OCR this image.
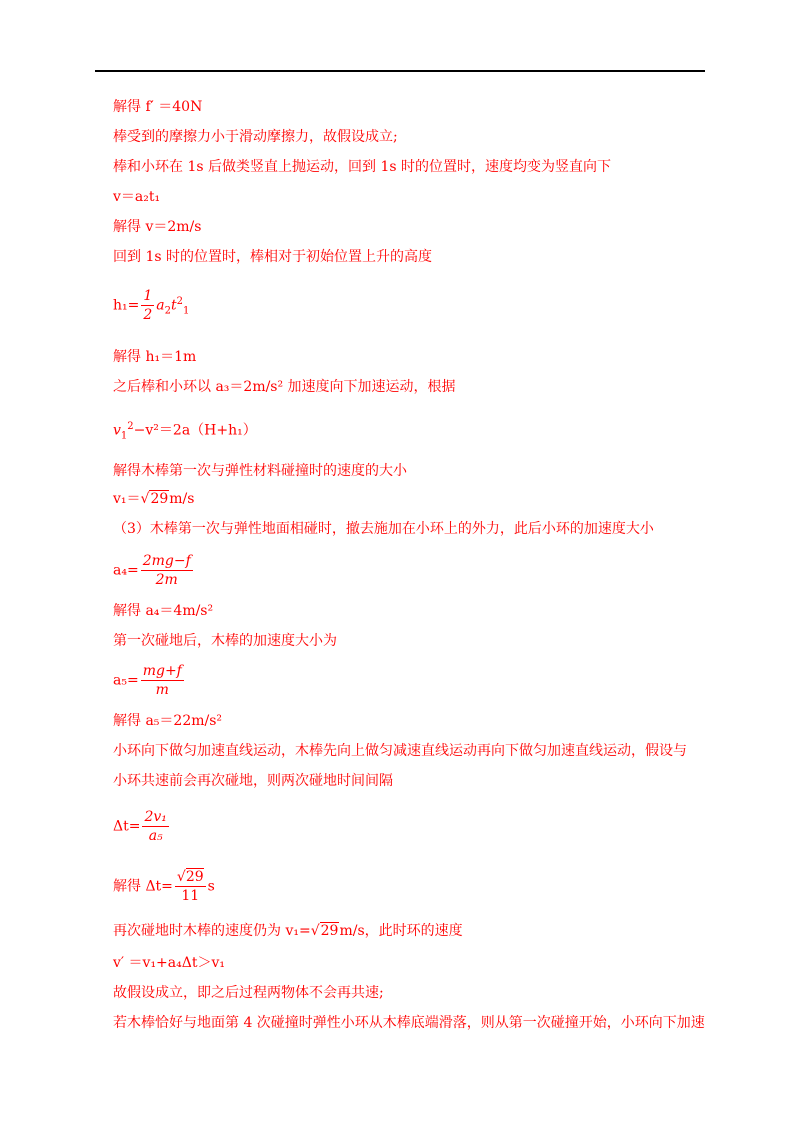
解得 f′ ＝40N
棒受到的摩擦力小于滑动摩擦力，故假设成立;
棒和小环在 1s 后做类竖直上抛运动，回到 1s 时的位置时，速度均变为竖直向下
v＝a₂t₁
解得 v＝2m/s
回到 1s 时的位置时，棒相对于初始位置上升的高度
$h_1= \frac{1}{2} a_2t^2_1$
解得 h₁＝1m
之后棒和小环以 a₃＝2m/s² 加速度向下加速运动，根据
$v_1^2-v^2=2a(H+h_1)$
解得木棒第一次与弹性材料碰撞时的速度的大小
v₁＝√29m/s
（3）木棒第一次与弹性地面相碰时，撤去施加在小环上的外力，此后小环的加速度大小
$a_4= \frac{2mg-f}{2m}$
解得 a₄＝4m/s²
第一次碰地后，木棒的加速度大小为
$a_5= \frac{mg+f}{m}$
解得 a₅＝22m/s²
小环向下做匀加速直线运动，木棒先向上做匀减速直线运动再向下做匀加速直线运动，假设与
小环共速前会再次碰地，则两次碰地时间间隔
$\Delta t= \frac{\text{2v₁}}{\text{a₅}}$
解得 $\Delta t= \frac{√29}{11}$ s
再次碰地时木棒的速度仍为 v₁=√29m/s，此时环的速度
v′ ＝v₁+a₄Δt＞v₁
故假设成立，即之后过程两物体不会再共速;
若木棒恰好与地面第 4 次碰撞时弹性小环从木棒底端滑落，则从第一次碰撞开始，小环向下加速
